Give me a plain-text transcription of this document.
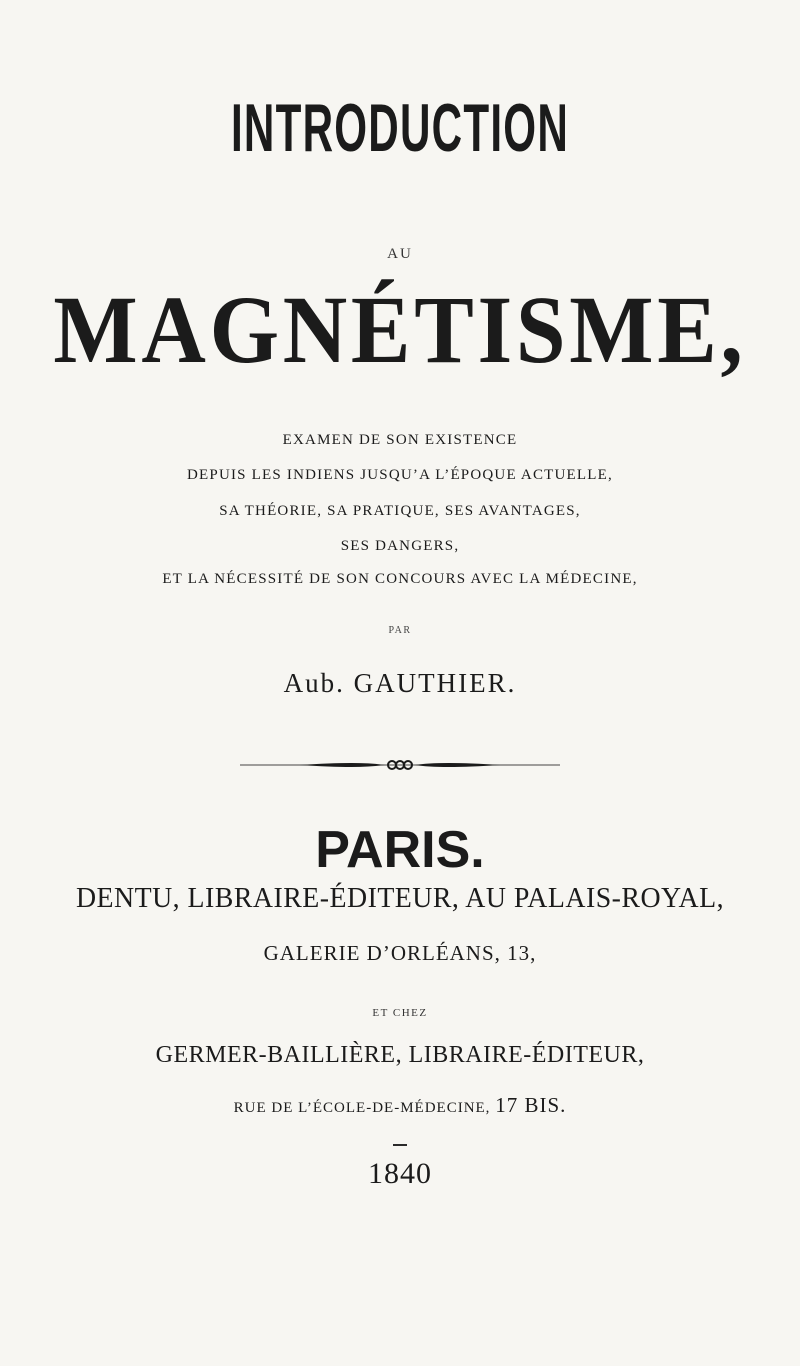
INTRODUCTION
AU
MAGNÉTISME,
EXAMEN DE SON EXISTENCE
DEPUIS LES INDIENS JUSQU’A L’ÉPOQUE ACTUELLE,
SA THÉORIE, SA PRATIQUE, SES AVANTAGES,
SES DANGERS,
ET LA NÉCESSITÉ DE SON CONCOURS AVEC LA MÉDECINE,
PAR
Aub. GAUTHIER.
PARIS.
DENTU, LIBRAIRE-ÉDITEUR, AU PALAIS-ROYAL,
GALERIE D’ORLÉANS, 13,
ET CHEZ
GERMER-BAILLIÈRE, LIBRAIRE-ÉDITEUR,
RUE DE L’ÉCOLE-DE-MÉDECINE, 17 BIS.
1840
